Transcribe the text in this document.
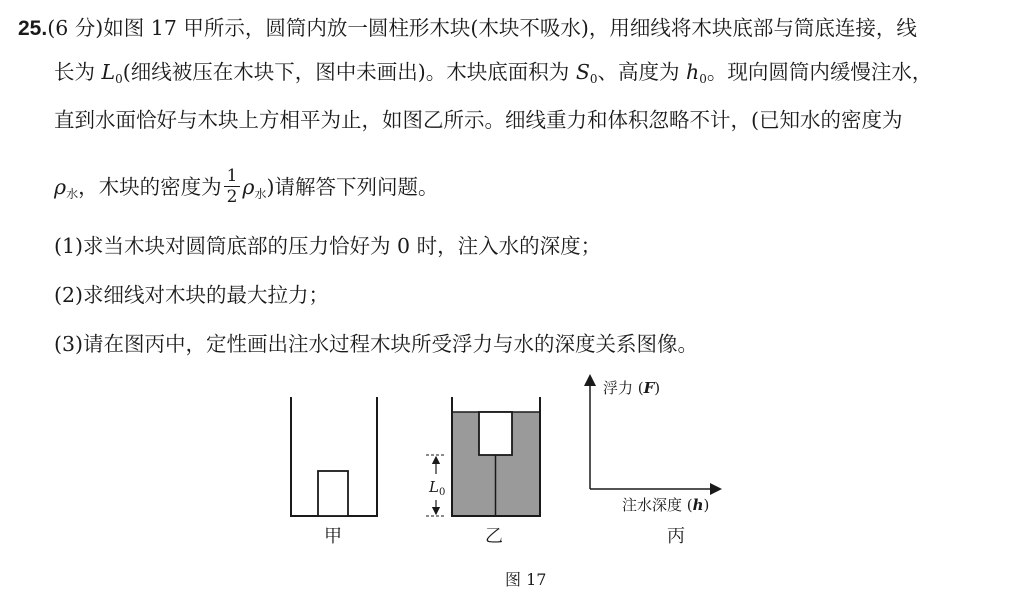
25.(6 分)如图 17 甲所示，圆筒内放一圆柱形木块(木块不吸水)，用细线将木块底部与筒底连接，线
长为 $L_0$(细线被压在木块下，图中未画出)。木块底面积为 $S_0$、高度为 $h_0$。现向圆筒内缓慢注水，
直到水面恰好与木块上方相平为止，如图乙所示。细线重力和体积忽略不计，(已知水的密度为
$\rho_水$，木块的密度为 $\frac{1}{2} \rho_水$)请解答下列问题。
(1)求当木块对圆筒底部的压力恰好为 0 时，注入水的深度；
(2)求细线对木块的最大拉力；
(3)请在图丙中，定性画出注水过程木块所受浮力与水的深度关系图像。
$L_0$
浮力 (F)
注水深度 (h)
甲	乙	丙
图 17
